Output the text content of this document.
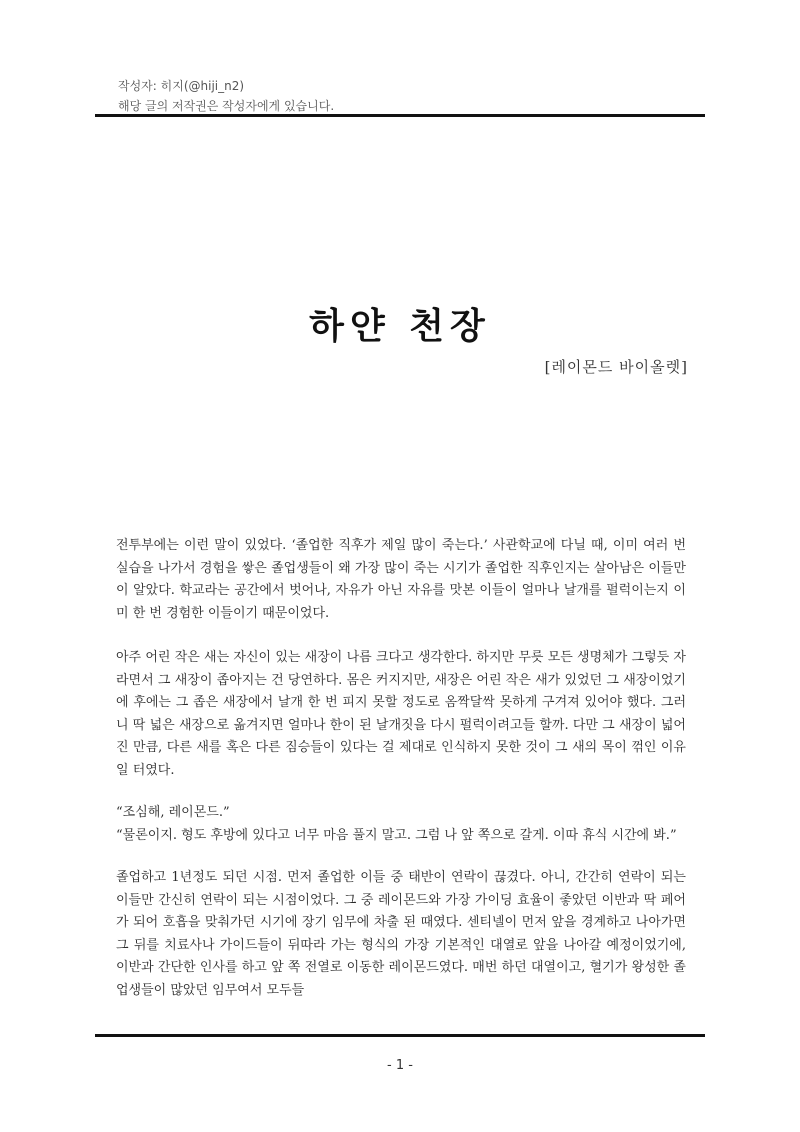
작성자: 히지(@hiji_n2)
해당 글의 저작권은 작성자에게 있습니다.
하얀 천장
[레이몬드 바이올렛]

전투부에는 이런 말이 있었다. ‘졸업한 직후가 제일 많이 죽는다.’ 사관학교에 다닐 때, 이미 여러 번 실습을 나가서 경험을 쌓은 졸업생들이 왜 가장 많이 죽는 시기가 졸업한 직후인지는 살아남은 이들만이 알았다. 학교라는 공간에서 벗어나, 자유가 아닌 자유를 맛본 이들이 얼마나 날개를 펄럭이는지 이미 한 번 경험한 이들이기 때문이었다.

아주 어린 작은 새는 자신이 있는 새장이 나름 크다고 생각한다. 하지만 무릇 모든 생명체가 그렇듯 자라면서 그 새장이 좁아지는 건 당연하다. 몸은 커지지만, 새장은 어린 작은 새가 있었던 그 새장이었기에 후에는 그 좁은 새장에서 날개 한 번 피지 못할 정도로 옴짝달싹 못하게 구겨져 있어야 했다. 그러니 딱 넓은 새장으로 옮겨지면 얼마나 한이 된 날개짓을 다시 펄럭이려고들 할까. 다만 그 새장이 넓어진 만큼, 다른 새를 혹은 다른 짐승들이 있다는 걸 제대로 인식하지 못한 것이 그 새의 목이 꺾인 이유일 터였다.

“조심해, 레이몬드.”

“물론이지. 형도 후방에 있다고 너무 마음 풀지 말고. 그럼 나 앞 쪽으로 갈게. 이따 휴식 시간에 봐.”

졸업하고 1년정도 되던 시점. 먼저 졸업한 이들 중 태반이 연락이 끊겼다. 아니, 간간히 연락이 되는 이들만 간신히 연락이 되는 시점이었다. 그 중 레이몬드와 가장 가이딩 효율이 좋았던 이반과 딱 페어가 되어 호흡을 맞춰가던 시기에 장기 임무에 차출 된 때였다. 센티넬이 먼저 앞을 경계하고 나아가면 그 뒤를 치료사나 가이드들이 뒤따라 가는 형식의 가장 기본적인 대열로 앞을 나아갈 예정이었기에, 이반과 간단한 인사를 하고 앞 쪽 전열로 이동한 레이몬드였다. 매번 하던 대열이고, 혈기가 왕성한 졸업생들이 많았던 임무여서 모두들

- 1 -
